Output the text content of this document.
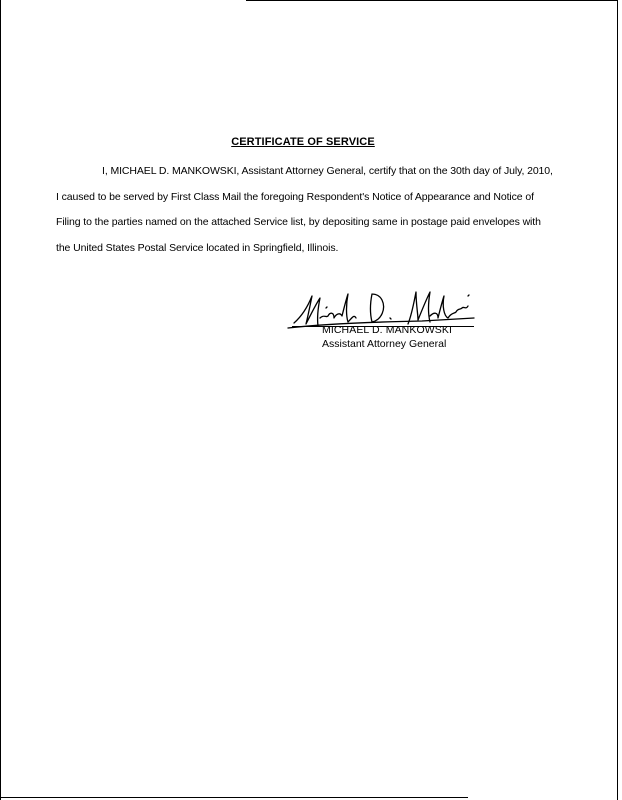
CERTIFICATE OF SERVICE

I, MICHAEL D. MANKOWSKI, Assistant Attorney General, certify that on the 30th day of July, 2010, I caused to be served by First Class Mail the foregoing Respondent's Notice of Appearance and Notice of Filing to the parties named on the attached Service list, by depositing same in postage paid envelopes with the United States Postal Service located in Springfield, Illinois.

MICHAEL D. MANKOWSKI
Assistant Attorney General
